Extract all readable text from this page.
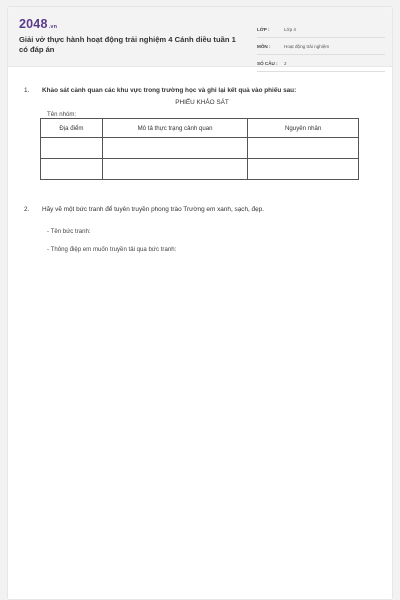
2048.vn
Giải vở thực hành hoạt động trải nghiệm 4 Cánh diều tuần 1 có đáp án
LỚP :	Lớp 4
MÔN :	Hoạt động trải nghiệm
SỐ CÂU :	2
1. Khảo sát cảnh quan các khu vực trong trường học và ghi lại kết quả vào phiếu sau:
PHIẾU KHẢO SÁT
Tên nhóm:
Địa điểm	Mô tả thực trạng cảnh quan	Nguyên nhân

2. Hãy vẽ một bức tranh để tuyên truyền phong trào Trường em xanh, sạch, đẹp.
- Tên bức tranh:
- Thông điệp em muốn truyền tải qua bức tranh:
